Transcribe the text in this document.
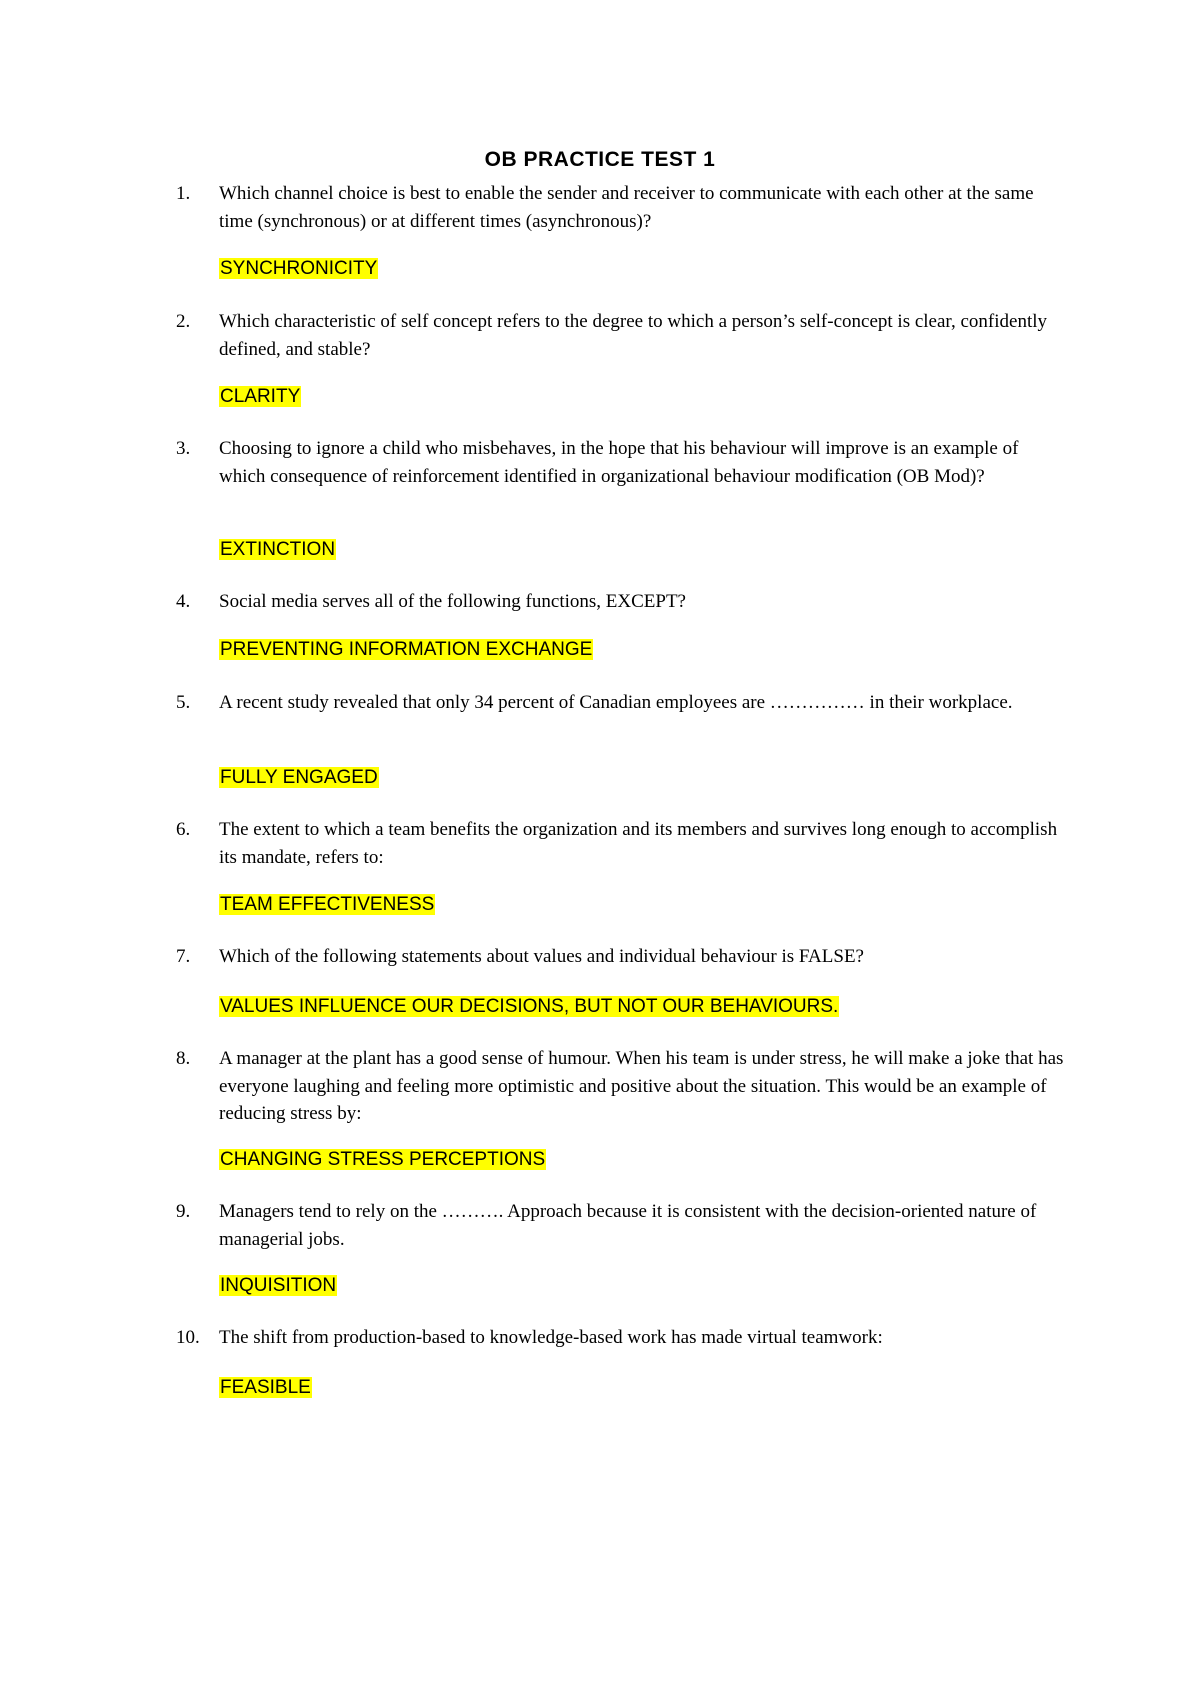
OB PRACTICE TEST 1
1. Which channel choice is best to enable the sender and receiver to communicate with each other at the same time (synchronous) or at different times (asynchronous)?
SYNCHRONICITY
2. Which characteristic of self concept refers to the degree to which a person’s self-concept is clear, confidently defined, and stable?
CLARITY
3. Choosing to ignore a child who misbehaves, in the hope that his behaviour will improve is an example of which consequence of reinforcement identified in organizational behaviour modification (OB Mod)?
EXTINCTION
4. Social media serves all of the following functions, EXCEPT?
PREVENTING INFORMATION EXCHANGE
5. A recent study revealed that only 34 percent of Canadian employees are …………… in their workplace.
FULLY ENGAGED
6. The extent to which a team benefits the organization and its members and survives long enough to accomplish its mandate, refers to:
TEAM EFFECTIVENESS
7. Which of the following statements about values and individual behaviour is FALSE?
VALUES INFLUENCE OUR DECISIONS, BUT NOT OUR BEHAVIOURS.
8. A manager at the plant has a good sense of humour. When his team is under stress, he will make a joke that has everyone laughing and feeling more optimistic and positive about the situation. This would be an example of reducing stress by:
CHANGING STRESS PERCEPTIONS
9. Managers tend to rely on the ………. Approach because it is consistent with the decision-oriented nature of managerial jobs.
INQUISITION
10. The shift from production-based to knowledge-based work has made virtual teamwork:
FEASIBLE
